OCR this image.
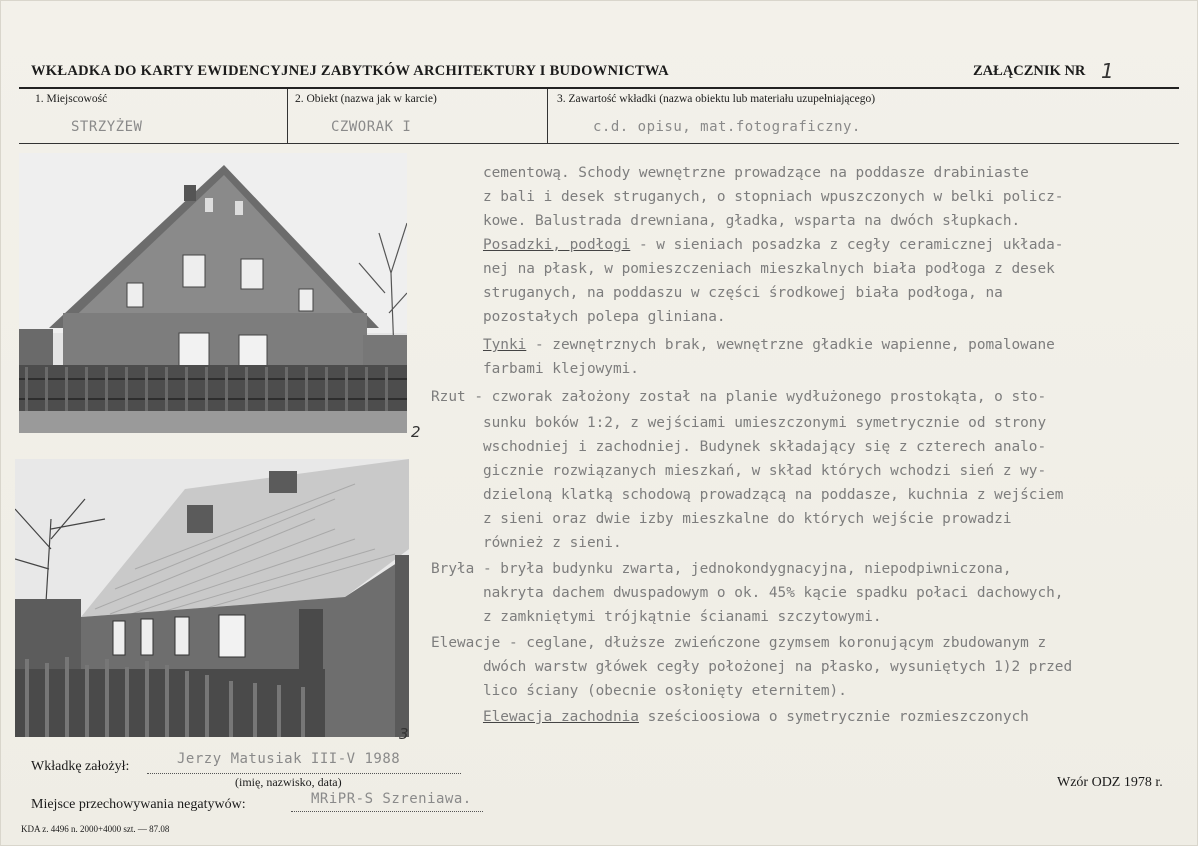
WKŁADKA DO KARTY EWIDENCYJNEJ ZABYTKÓW ARCHITEKTURY I BUDOWNICTWA	ZAŁĄCZNIK NR 1
1. Miejscowość
STRZYŻEW
2. Obiekt (nazwa jak w karcie)
CZWORAK I
3. Zawartość wkładki (nazwa obiektu lub materiału uzupełniającego)
c.d. opisu, mat.fotograficzny.
2
3
cementową. Schody wewnętrzne prowadzące na poddasze drabiniaste
z bali i desek struganych, o stopniach wpuszczonych w belki policz-
kowe. Balustrada drewniana, gładka, wsparta na dwóch słupkach.
Posadzki, podłogi - w sieniach posadzka z cegły ceramicznej układa-
nej na płask, w pomieszczeniach mieszkalnych biała podłoga z desek
struganych, na poddaszu w części środkowej biała podłoga, na
pozostałych polepa gliniana.
Tynki - zewnętrznych brak, wewnętrzne gładkie wapienne, pomalowane
farbami klejowymi.
Rzut - czworak założony został na planie wydłużonego prostokąta, o sto-
sunku boków 1:2, z wejściami umieszczonymi symetrycznie od strony
wschodniej i zachodniej. Budynek składający się z czterech analo-
gicznie rozwiązanych mieszkań, w skład których wchodzi sień z wy-
dzieloną klatką schodową prowadzącą na poddasze, kuchnia z wejściem
z sieni oraz dwie izby mieszkalne do których wejście prowadzi
również z sieni.
Bryła - bryła budynku zwarta, jednokondygnacyjna, niepodpiwniczona,
nakryta dachem dwuspadowym o ok. 45% kącie spadku połaci dachowych,
z zamkniętymi trójkątnie ścianami szczytowymi.
Elewacje - ceglane, dłuższe zwieńczone gzymsem koronującym zbudowanym z
dwóch warstw główek cegły położonej na płasko, wysuniętych 1)2 przed
lico ściany (obecnie osłonięty eternitem).
Elewacja zachodnia sześcioosiowa o symetrycznie rozmieszczonych
Wkładkę założył:	Jerzy Matusiak III-V 1988
(imię, nazwisko, data)
Miejsce przechowywania negatywów:	MRiPR-S Szreniawa.
Wzór ODZ 1978 r.
KDA z. 4496 n. 2000+4000 szt. — 87.08
